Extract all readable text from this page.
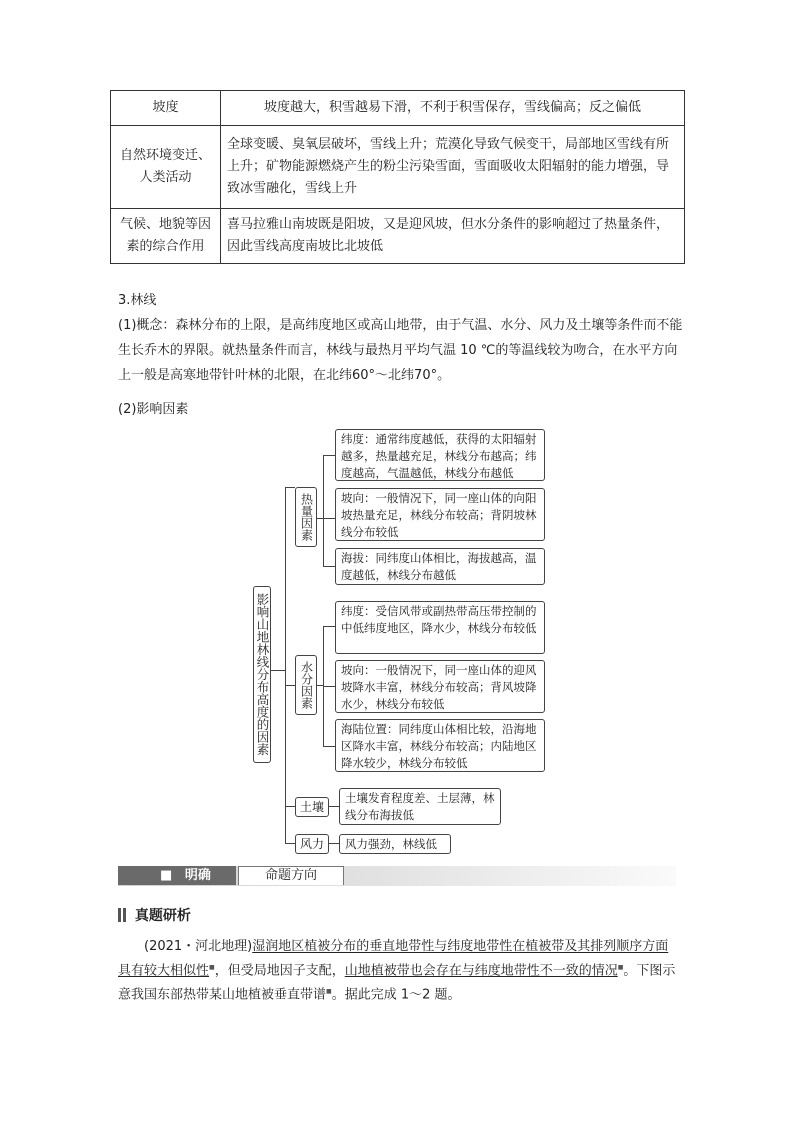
坡度	坡度越大，积雪越易下滑，不利于积雪保存，雪线偏高；反之偏低
自然环境变迁、人类活动	全球变暖、臭氧层破坏，雪线上升；荒漠化导致气候变干，局部地区雪线有所上升；矿物能源燃烧产生的粉尘污染雪面，雪面吸收太阳辐射的能力增强，导致冰雪融化，雪线上升
气候、地貌等因素的综合作用	喜马拉雅山南坡既是阳坡，又是迎风坡，但水分条件的影响超过了热量条件，因此雪线高度南坡比北坡低
3.林线
(1)概念：森林分布的上限，是高纬度地区或高山地带，由于气温、水分、风力及土壤等条件而不能生长乔木的界限。就热量条件而言，林线与最热月平均气温 10 ℃的等温线较为吻合，在水平方向上一般是高寒地带针叶林的北限，在北纬60°～北纬70°。
(2)影响因素
影响山地林线分布高度的因素
热量因素
纬度：通常纬度越低，获得的太阳辐射越多，热量越充足，林线分布越高；纬度越高，气温越低，林线分布越低
坡向：一般情况下，同一座山体的向阳坡热量充足，林线分布较高；背阴坡林线分布较低
海拔：同纬度山体相比，海拔越高，温度越低，林线分布越低
水分因素
纬度：受信风带或副热带高压带控制的中低纬度地区，降水少，林线分布较低
坡向：一般情况下，同一座山体的迎风坡降水丰富，林线分布较高；背风坡降水少，林线分布较低
海陆位置：同纬度山体相比较，沿海地区降水丰富，林线分布较高；内陆地区降水较少，林线分布较低
土壤
土壤发育程度差、土层薄，林线分布海拔低
风力	风力强劲，林线低
■ 明确	命题方向
真题研析
(2021・河北地理)湿润地区植被分布的垂直地带性与纬度地带性在植被带及其排列顺序方面具有较大相似性■，但受局地因子支配，山地植被带也会存在与纬度地带性不一致的情况■。下图示意我国东部热带某山地植被垂直带谱■。据此完成 1～2 题。
